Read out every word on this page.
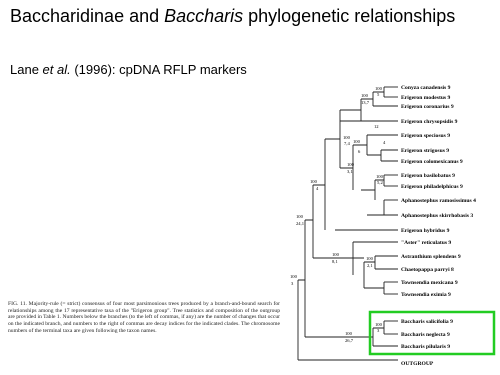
Baccharidinae and Baccharis phylogenetic relationships
Lane et al. (1996): cpDNA RFLP markers
100
5
100
13,7
12
100
7,4	4
100
6
100
3,1
100
5,2
100
4
100
24,1
100
8,1
100
2,1
100
3
100
26,7
100
3
Conyza canadensis 9
Erigeron modestus 9
Erigeron coronarius 9
Erigeron chrysopsidis 9
Erigeron speciosus 9
Erigeron strigosus 9
Erigeron colomexicanus 9
Erigeron basilobatus 9
Erigeron philadelphicus 9
Aphanostephus ramosissimus 4
Aphanostephus skirrhobasis 3
Erigeron hybridus 9
"Aster" reticulatus 9
Astranthium splendens 9
Chaetopappa parryi 8
Townsendia mexicana 9
Townsendia eximia 9
Baccharis salicifolia 9
Baccharis neglecta 9
Baccharis pilularis 9
OUTGROUP
FIG. 11. Majority-rule (= strict) consensus of four most parsimonious trees produced by a branch-and-bound search for relationships among the 17 representative taxa of the "Erigeron group". Tree statistics and composition of the outgroup are provided in Table 1. Numbers below the branches (to the left of commas, if any) are the number of changes that occur on the indicated branch, and numbers to the right of commas are decay indices for the indicated clades. The chromosome numbers of the terminal taxa are given following the taxon names.
